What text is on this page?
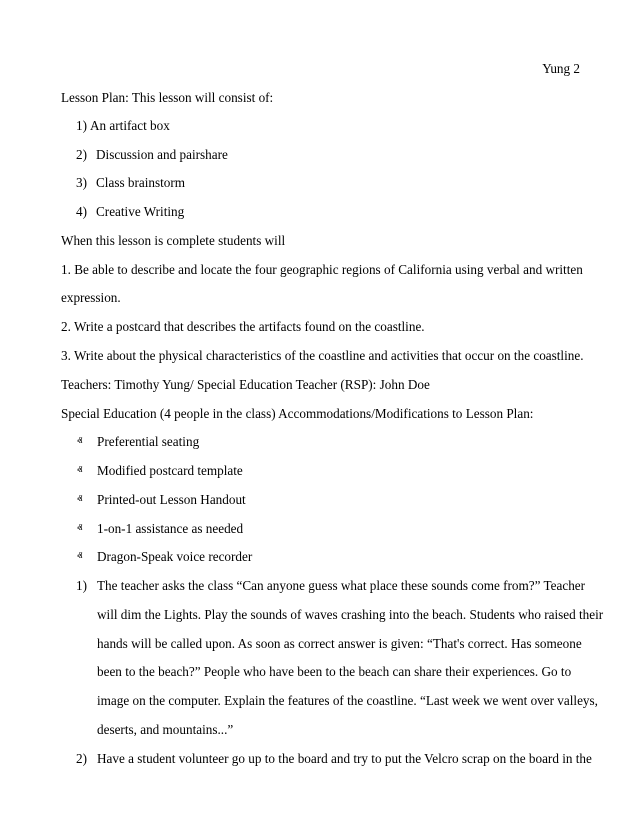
Yung 2
Lesson Plan: This lesson will consist of:
1) An artifact box
2) Discussion and pairshare
3) Class brainstorm
4) Creative Writing
When this lesson is complete students will
1. Be able to describe and locate the four geographic regions of California using verbal and written
expression.
2. Write a postcard that describes the artifacts found on the coastline.
3. Write about the physical characteristics of the coastline and activities that occur on the coastline.
Teachers: Timothy Yung/ Special Education Teacher (RSP): John Doe
Special Education (4 people in the class) Accommodations/Modifications to Lesson Plan:
ⱏ Preferential seating
ⱏ Modified postcard template
ⱏ Printed-out Lesson Handout
ⱏ 1-on-1 assistance as needed
ⱏ Dragon-Speak voice recorder
1) The teacher asks the class “Can anyone guess what place these sounds come from?” Teacher
will dim the Lights. Play the sounds of waves crashing into the beach. Students who raised their
hands will be called upon. As soon as correct answer is given: “That's correct. Has someone
been to the beach?” People who have been to the beach can share their experiences. Go to
image on the computer. Explain the features of the coastline. “Last week we went over valleys,
deserts, and mountains...”
2) Have a student volunteer go up to the board and try to put the Velcro scrap on the board in the
